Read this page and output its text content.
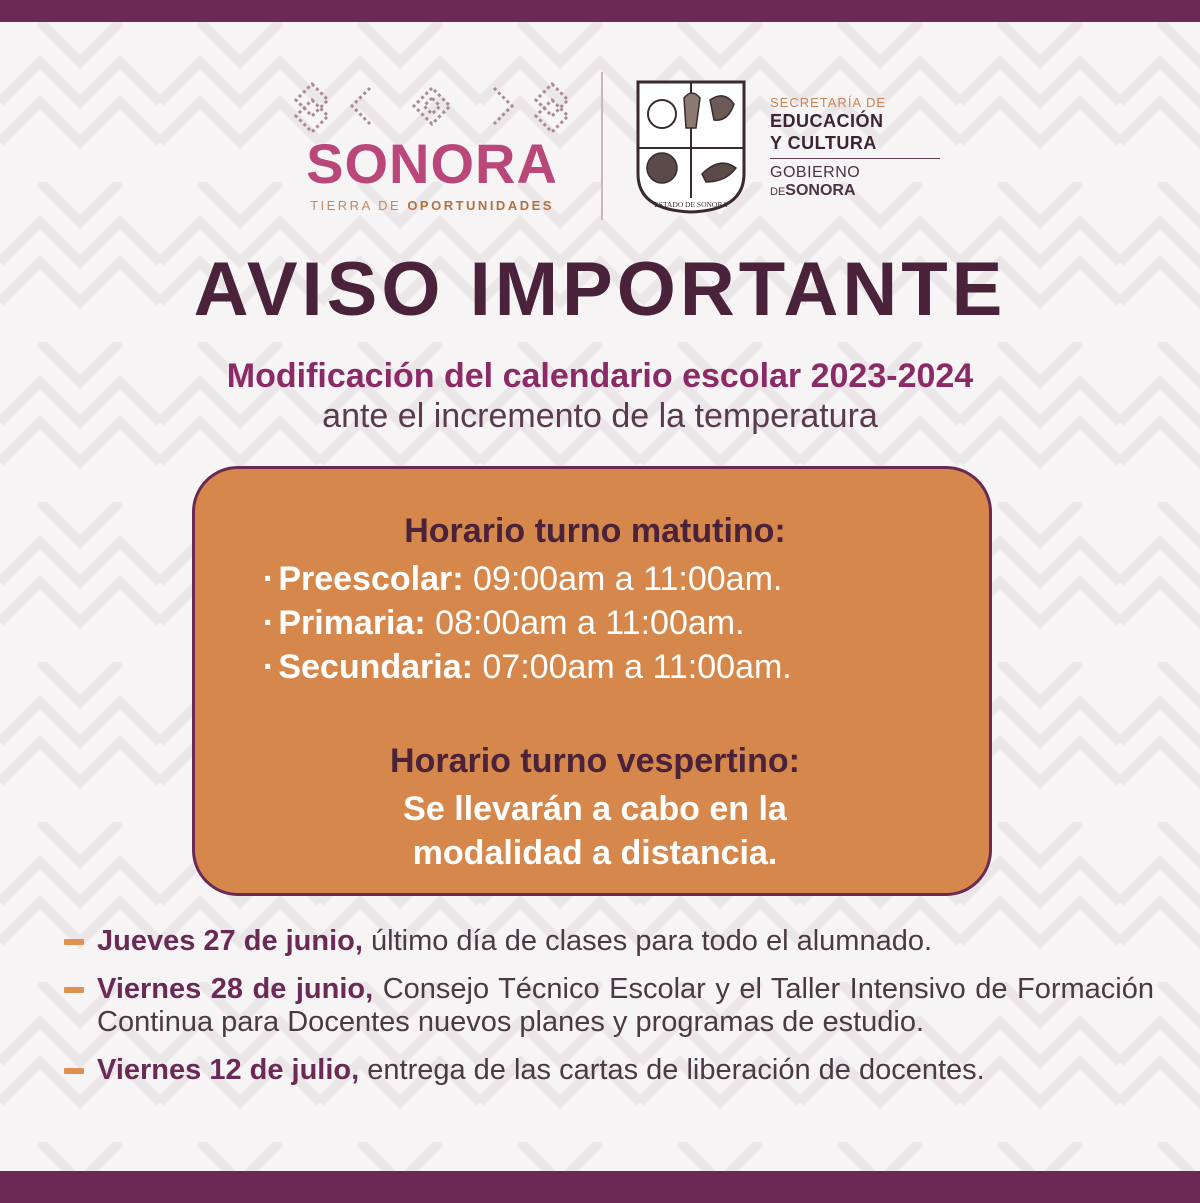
SONORA
TIERRA DE OPORTUNIDADES	ESTADO DE SONORA
SECRETARÍA DE
EDUCACIÓN
Y CULTURA
GOBIERNO
DESONORA
AVISO IMPORTANTE
Modificación del calendario escolar 2023-2024
ante el incremento de la temperatura
Horario turno matutino:
· Preescolar: 09:00am a 11:00am.
· Primaria: 08:00am a 11:00am.
· Secundaria: 07:00am a 11:00am.
Horario turno vespertino:
Se llevarán a cabo en la
modalidad a distancia.
Jueves 27 de junio, último día de clases para todo el alumnado.
Viernes 28 de junio, Consejo Técnico Escolar y el Taller Intensivo de Formación Continua para Docentes nuevos planes y programas de estudio.
Viernes 12 de julio, entrega de las cartas de liberación de docentes.
